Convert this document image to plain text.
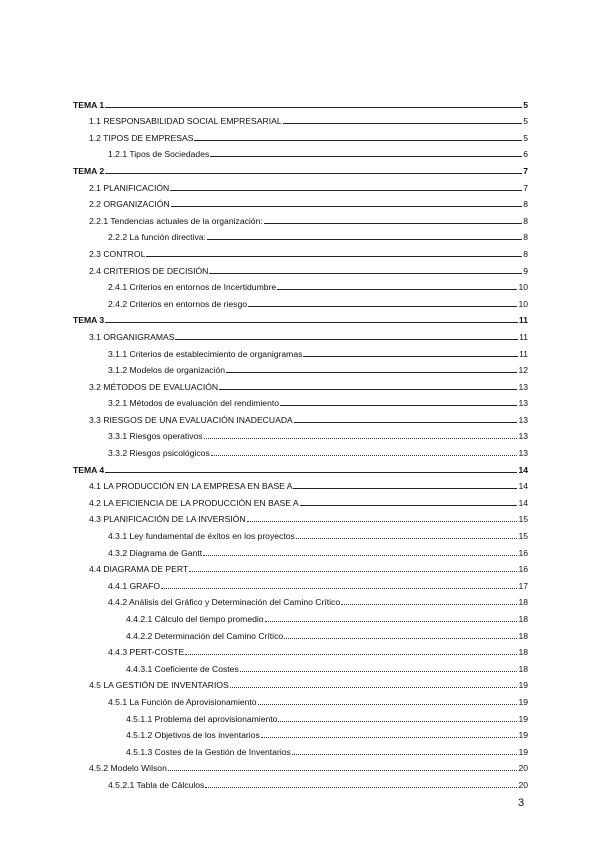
TEMA 1	5
1.1 RESPONSABILIDAD SOCIAL EMPRESARIAL	5
1.2 TIPOS DE EMPRESAS	5
1.2.1 Tipos de Sociedades	6
TEMA 2	7
2.1 PLANIFICACIÓN	7
2.2 ORGANIZACIÓN	8
2.2.1 Tendencias actuales de la organización:	8
2.2.2 La función directiva:	8
2.3 CONTROL	8
2.4 CRITERIOS DE DECISIÓN	9
2.4.1 Criterios en entornos de Incertidumbre	10
2.4.2 Criterios en entornos de riesgo	10
TEMA 3	11
3.1 ORGANIGRAMAS	11
3.1.1 Criterios de establecimiento de organigramas	11
3.1.2 Modelos de organización	12
3.2 MÉTODOS DE EVALUACIÓN	13
3.2.1 Métodos de evaluación del rendimiento	13
3.3 RIESGOS DE UNA EVALUACIÓN INADECUADA	13
3.3.1 Riesgos operativos	13
3.3.2 Riesgos psicológicos	13
TEMA 4	14
4.1 LA PRODUCCIÓN EN LA EMPRESA EN BASE A	14
4.2 LA EFICIENCIA DE LA PRODUCCIÓN EN BASE A	14
4.3 PLANIFICACIÓN DE LA INVERSIÓN	15
4.3.1 Ley fundamental de éxitos en los proyectos	15
4.3.2 Diagrama de Gantt	16
4.4 DIAGRAMA DE PERT	16
4.4.1 GRAFO	17
4.4.2 Análisis del Gráfico y Determinación del Camino Crítico	18
4.4.2.1 Cálculo del tiempo promedio	18
4.4.2.2 Determinación del Camino Crítico	18
4.4.3 PERT-COSTE	18
4.4.3.1 Coeficiente de Costes	18
4.5 LA GESTIÓN DE INVENTARIOS	19
4.5.1 La Función de Aprovisionamiento	19
4.5.1.1 Problema del aprovisionamiento	19
4.5.1.2 Objetivos de los inventarios	19
4.5.1.3 Costes de la Gestión de Inventarios	19
4.5.2 Modelo Wilson	20
4.5.2.1 Tabla de Cálculos	20
3
